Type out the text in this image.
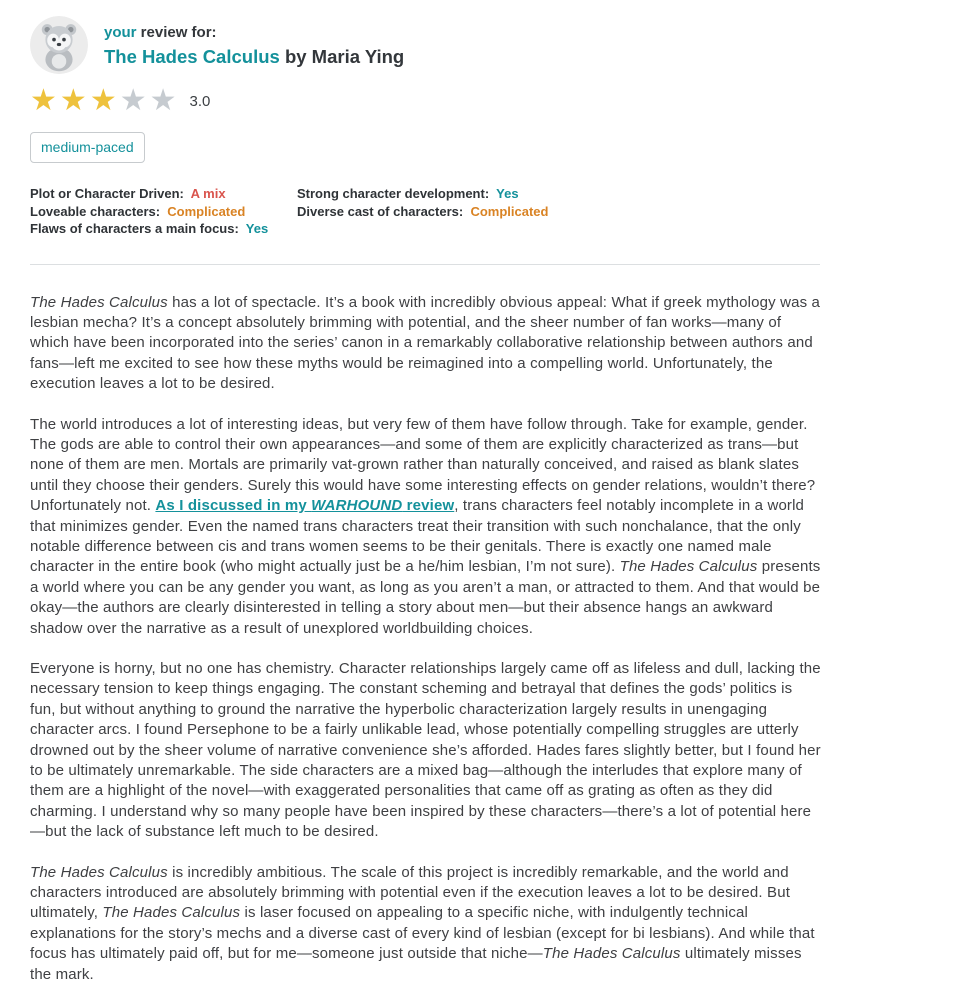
your review for:
The Hades Calculus by Maria Ying
★★★★★ 3.0
medium-paced
Plot or Character Driven:  A mix
Loveable characters:  Complicated
Flaws of characters a main focus:  Yes
Strong character development:  Yes
Diverse cast of characters:  Complicated

The Hades Calculus has a lot of spectacle. It’s a book with incredibly obvious appeal: What if greek mythology was a lesbian mecha? It’s a concept absolutely brimming with potential, and the sheer number of fan works—many of which have been incorporated into the series’ canon in a remarkably collaborative relationship between authors and fans—left me excited to see how these myths would be reimagined into a compelling world. Unfortunately, the execution leaves a lot to be desired.

The world introduces a lot of interesting ideas, but very few of them have follow through. Take for example, gender. The gods are able to control their own appearances—and some of them are explicitly characterized as trans—but none of them are men. Mortals are primarily vat-grown rather than naturally conceived, and raised as blank slates until they choose their genders. Surely this would have some interesting effects on gender relations, wouldn’t there? Unfortunately not. As I discussed in my WARHOUND review, trans characters feel notably incomplete in a world that minimizes gender. Even the named trans characters treat their transition with such nonchalance, that the only notable difference between cis and trans women seems to be their genitals. There is exactly one named male character in the entire book (who might actually just be a he/him lesbian, I’m not sure). The Hades Calculus presents a world where you can be any gender you want, as long as you aren’t a man, or attracted to them. And that would be okay—the authors are clearly disinterested in telling a story about men—but their absence hangs an awkward shadow over the narrative as a result of unexplored worldbuilding choices.

Everyone is horny, but no one has chemistry. Character relationships largely came off as lifeless and dull, lacking the necessary tension to keep things engaging. The constant scheming and betrayal that defines the gods’ politics is fun, but without anything to ground the narrative the hyperbolic characterization largely results in unengaging character arcs. I found Persephone to be a fairly unlikable lead, whose potentially compelling struggles are utterly drowned out by the sheer volume of narrative convenience she’s afforded. Hades fares slightly better, but I found her to be ultimately unremarkable. The side characters are a mixed bag—although the interludes that explore many of them are a highlight of the novel—with exaggerated personalities that came off as grating as often as they did charming. I understand why so many people have been inspired by these characters—there’s a lot of potential here—but the lack of substance left much to be desired.

The Hades Calculus is incredibly ambitious. The scale of this project is incredibly remarkable, and the world and characters introduced are absolutely brimming with potential even if the execution leaves a lot to be desired. But ultimately, The Hades Calculus is laser focused on appealing to a specific niche, with indulgently technical explanations for the story’s mechs and a diverse cast of every kind of lesbian (except for bi lesbians). And while that focus has ultimately paid off, but for me—someone just outside that niche—The Hades Calculus ultimately misses the mark.
